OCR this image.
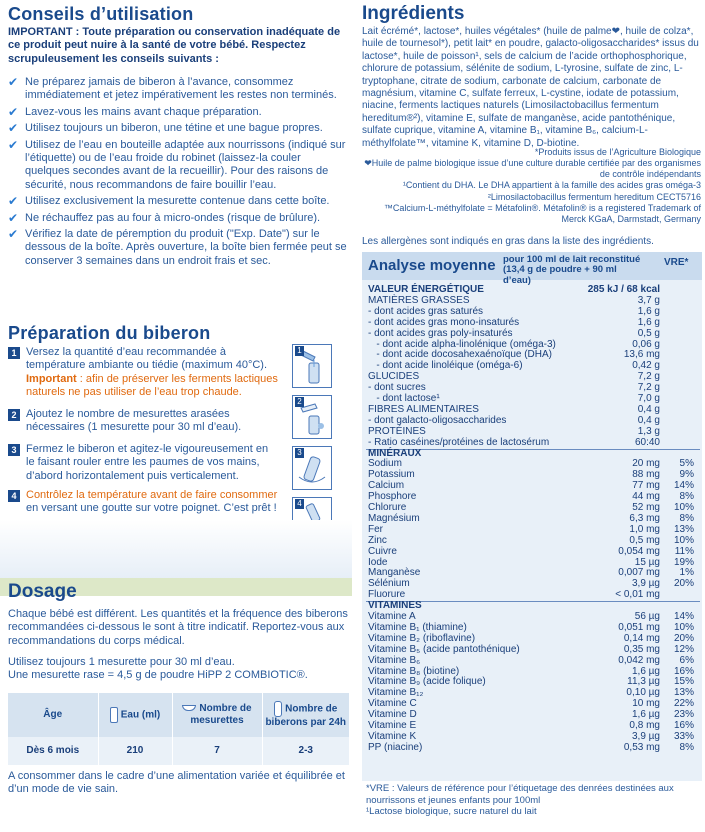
Conseils d’utilisation
IMPORTANT : Toute préparation ou conservation inadéquate de ce produit peut nuire à la santé de votre bébé. Respectez scrupuleusement les conseils suivants :
✔ Ne préparez jamais de biberon à l’avance, consommez immédiatement et jetez impérativement les restes non terminés.
✔ Lavez-vous les mains avant chaque préparation.
✔ Utilisez toujours un biberon, une tétine et une bague propres.
✔ Utilisez de l’eau en bouteille adaptée aux nourrissons (indiqué sur l’étiquette) ou de l’eau froide du robinet (laissez-la couler quelques secondes avant de la recueillir). Pour des raisons de sécurité, nous recommandons de faire bouillir l’eau.
✔ Utilisez exclusivement la mesurette contenue dans cette boîte.
✔ Ne réchauffez pas au four à micro-ondes (risque de brûlure).
✔ Vérifiez la date de péremption du produit ("Exp. Date") sur le dessous de la boîte. Après ouverture, la boîte bien fermée peut se conserver 3 semaines dans un endroit frais et sec.
Préparation du biberon
1 Versez la quantité d’eau recommandée à température ambiante ou tiédie (maximum 40°C).
Important : afin de préserver les ferments lactiques naturels ne pas utiliser de l’eau trop chaude.
2 Ajoutez le nombre de mesurettes arasées nécessaires (1 mesurette pour 30 ml d’eau).
3 Fermez le biberon et agitez-le vigoureusement en le faisant rouler entre les paumes de vos mains, d’abord horizontalement puis verticalement.
4 Contrôlez la température avant de faire consommer en versant une goutte sur votre poignet. C’est prêt !
1
2
3
4
Dosage
Chaque bébé est différent. Les quantités et la fréquence des biberons recommandées ci-dessous le sont à titre indicatif. Reportez-vous aux recommandations du corps médical.
Utilisez toujours 1 mesurette pour 30 ml d’eau.
Une mesurette rase = 4,5 g de poudre HiPP 2 COMBIOTIC®.
Âge	Eau (ml)	Nombre de mesurettes	Nombre de biberons par 24h
Dès 6 mois	210	7	2-3
A consommer dans le cadre d’une alimentation variée et équilibrée et d’un mode de vie sain.
Ingrédients
Lait écrémé*, lactose*, huiles végétales* (huile de palme❤, huile de colza*, huile de tournesol*), petit lait* en poudre, galacto-oligosaccharides* issus du lactose*, huile de poisson¹, sels de calcium de l’acide orthophosphorique, chlorure de potassium, sélénite de sodium, L-tyrosine, sulfate de zinc, L-tryptophane, citrate de sodium, carbonate de calcium, carbonate de magnésium, vitamine C, sulfate ferreux, L-cystine, iodate de potassium, niacine, ferments lactiques naturels (Limosilactobacillus fermentum hereditum®²), vitamine E, sulfate de manganèse, acide pantothénique, sulfate cuprique, vitamine A, vitamine B₁, vitamine B₆, calcium-L-méthylfolate™, vitamine K, vitamine D, D-biotine.
*Produits issus de l’Agriculture Biologique
❤Huile de palme biologique issue d’une culture durable certifiée par des organismes de contrôle indépendants
¹Contient du DHA. Le DHA appartient à la famille des acides gras oméga-3
²Limosilactobacillus fermentum hereditum CECT5716
™Calcium-L-méthylfolate = Métafolin®. Métafolin® is a registered Trademark of Merck KGaA, Darmstadt, Germany
Les allergènes sont indiqués en gras dans la liste des ingrédients.
Analyse moyenne pour 100 ml de lait reconstitué (13,4 g de poudre + 90 ml d’eau)
VRE*
VALEUR ÉNERGÉTIQUE	285 kJ / 68 kcal
MATIÈRES GRASSES	3,7 g
- dont acides gras saturés	1,6 g
- dont acides gras mono-insaturés	1,6 g
- dont acides gras poly-insaturés	0,5 g
- dont acide alpha-linolénique (oméga-3)	0,06 g
- dont acide docosahexaénoïque (DHA)	13,6 mg
- dont acide linoléique (oméga-6)	0,42 g
GLUCIDES	7,2 g
- dont sucres	7,2 g
- dont lactose¹	7,0 g
FIBRES ALIMENTAIRES	0,4 g
- dont galacto-oligosaccharides	0,4 g
PROTÉINES	1,3 g
- Ratio caséines/protéines de lactosérum	60:40
MINÉRAUX
Sodium	20 mg 5%
Potassium	88 mg 9%
Calcium	77 mg 14%
Phosphore	44 mg 8%
Chlorure	52 mg 10%
Magnésium	6,3 mg 8%
Fer	1,0 mg 13%
Zinc	0,5 mg 10%
Cuivre	0,054 mg 11%
Iode	15 µg 19%
Manganèse	0,007 mg 1%
Sélénium	3,9 µg 20%
Fluorure	< 0,01 mg
VITAMINES
Vitamine A	56 µg 14%
Vitamine B₁ (thiamine)	0,051 mg 10%
Vitamine B₂ (riboflavine)	0,14 mg 20%
Vitamine B₅ (acide pantothénique)	0,35 mg 12%
Vitamine B₆	0,042 mg 6%
Vitamine B₈ (biotine)	1,6 µg 16%
Vitamine B₉ (acide folique)	11,3 µg 15%
Vitamine B₁₂	0,10 µg 13%
Vitamine C	10 mg 22%
Vitamine D	1,6 µg 23%
Vitamine E	0,8 mg 16%
Vitamine K	3,9 µg 33%
PP (niacine)	0,53 mg 8%
*VRE : Valeurs de référence pour l’étiquetage des denrées destinées aux nourrissons et jeunes enfants pour 100ml
¹Lactose biologique, sucre naturel du lait
